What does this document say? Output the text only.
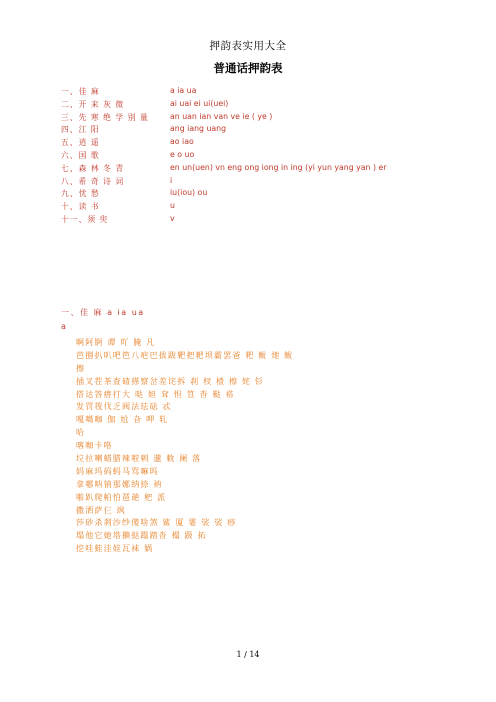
押韵表实用大全
普通话押韵表
一、佳 麻	a ia ua
二、开 来 灰 微	ai uai ei ui(uei)
三、先 寒 绝 学 别 量	an uan ian van ve ie ( ye )
四、江 阳	ang iang uang
五、逍 遥	ao iao
六、国 歌	e o uo
七、森 林 冬 青	en un(uen) vn eng ong iong in ing (yi yun yang yan ) er
八、希 奇 诗 词	i
九、忧 愁	iu(iou) ou
十、读 书	u
十一、须 臾	v
一、佳 麻 a ia ua
a
啊阿锕 谭 吖 腌 凡
芭捌扒叭吧笆八疤巴拔跋靶把耙坝霸罢爸 粑 鲅 灺 鲅
擦
插叉茬茶查碴搽察岔差诧拆 刹 杈 楂 檫 姹 钐
搭达答瘩打大 哒 妲 耷 怛 笪 沓 鞑 褡
发罚筏伐乏阀法珐砝 忒
嘎噶咖 伽 尬 旮 呷 轧
哈
喀咖卡咯
垃拉喇蜡腊辣啦剌 邋 敕 阑 落
妈麻玛码蚂马骂嘛吗
拿哪呐钠那娜纳捺 衲
啪趴爬帕怕琶葩 杷 派
撒洒萨仨 飒
莎砂杀刹沙纱傻啥煞 鲨 厦 霎 裟 裟 痧
塌他它她塔獭挞蹋踏沓 榻 趿 拓
挖哇蛙洼娃瓦袜 娲
1 / 14
